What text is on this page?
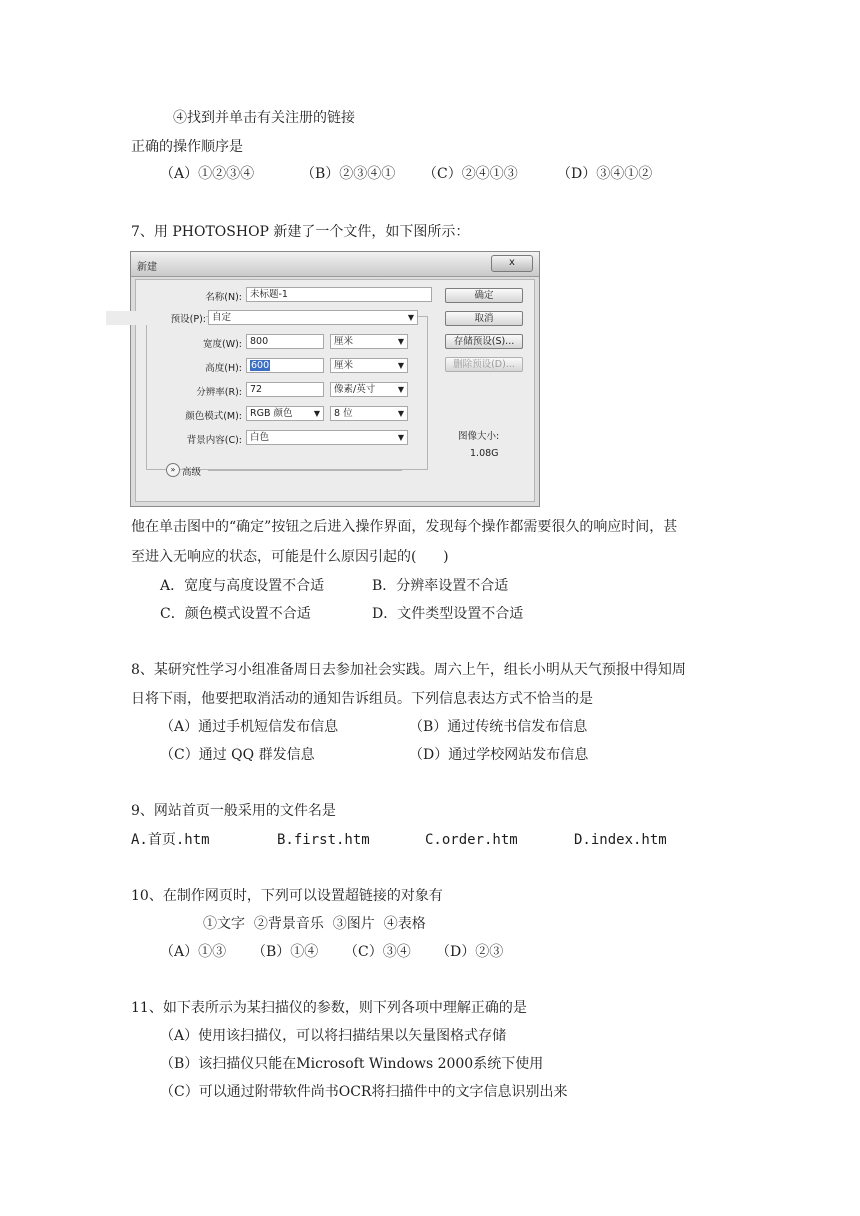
④找到并单击有关注册的链接
正确的操作顺序是
（A）①②③④	（B）②③④① （C）②④①③	（D）③④①②
7、用 PHOTOSHOP 新建了一个文件，如下图所示：
新建	x
名称(N): 未标题-1
预设(P): 自定	▼
宽度(W): 800	厘米	▼
高度(H): 600	厘米	▼
分辨率(R): 72	像素/英寸	▼
颜色模式(M): RGB 颜色	▼	8 位	▼
背景内容(C): 白色	▼
» 高级
确定
取消
存储预设(S)...
删除预设(D)...
图像大小:
1.08G
他在单击图中的“确定”按钮之后进入操作界面，发现每个操作都需要很久的响应时间，甚
至进入无响应的状态，可能是什么原因引起的(      )
A．宽度与高度设置不合适	B．分辨率设置不合适
C．颜色模式设置不合适	D．文件类型设置不合适
8、某研究性学习小组准备周日去参加社会实践。周六上午，组长小明从天气预报中得知周
日将下雨，他要把取消活动的通知告诉组员。下列信息表达方式不恰当的是
（A）通过手机短信发布信息	（B）通过传统书信发布信息
（C）通过 QQ 群发信息	（D）通过学校网站发布信息
9、网站首页一般采用的文件名是
A.首页.htm	B.first.htm	C.order.htm	D.index.htm
10、在制作网页时，下列可以设置超链接的对象有
①文字  ②背景音乐  ③图片  ④表格
（A）①③ （B）①④ （C）③④ （D）②③
11、如下表所示为某扫描仪的参数，则下列各项中理解正确的是
（A）使用该扫描仪，可以将扫描结果以矢量图格式存储
（B）该扫描仪只能在Microsoft Windows 2000系统下使用
（C）可以通过附带软件尚书OCR将扫描件中的文字信息识别出来
